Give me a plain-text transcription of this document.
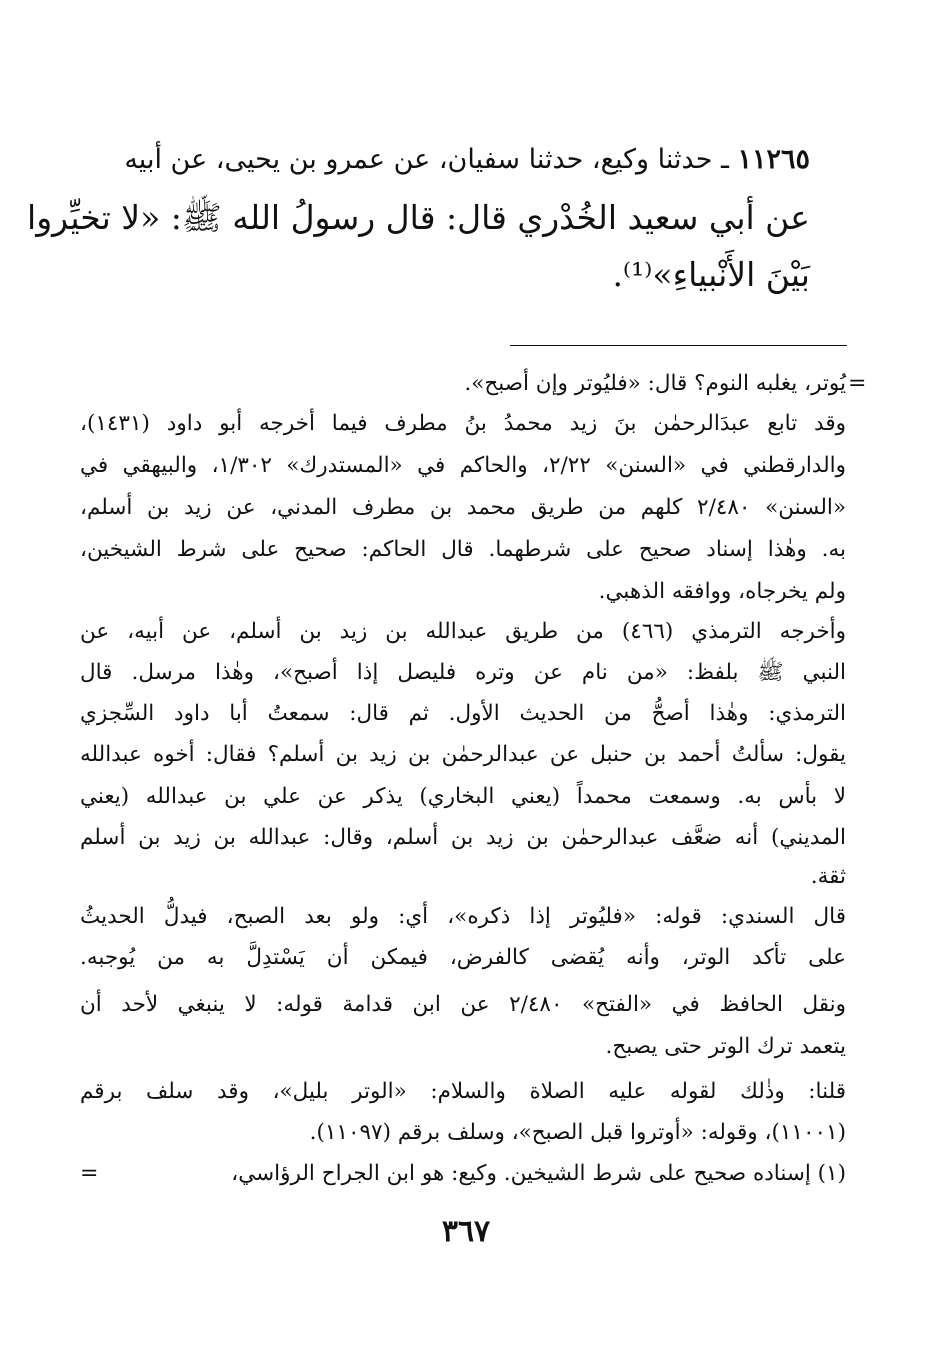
١١٢٦٥ ـ حدثنا وكيع، حدثنا سفيان، عن عمرو بن يحيى، عن أبيه
عن أبي سعيد الخُدْري قال: قال رسولُ الله ﷺ: «لا تخيِّروا
بَيْنَ الأَنْبياءِ»⁽¹⁾.
=
يُوتر، يغلبه النوم؟ قال: «فليُوتر وإن أصبح».
وقد تابع عبدَالرحمٰن بنَ زيد محمدُ بنُ مطرف فيما أخرجه أبو داود (١٤٣١)،
والدارقطني في «السنن» ٢/٢٢، والحاكم في «المستدرك» ١/٣٠٢، والبيهقي في
«السنن» ٢/٤٨٠ كلهم من طريق محمد بن مطرف المدني، عن زيد بن أسلم،
به. وهٰذا إسناد صحيح على شرطهما. قال الحاكم: صحيح على شرط الشيخين،
ولم يخرجاه، ووافقه الذهبي.
وأخرجه الترمذي (٤٦٦) من طريق عبدالله بن زيد بن أسلم، عن أبيه، عن
النبي ﷺ بلفظ: «من نام عن وتره فليصل إذا أصبح»، وهٰذا مرسل. قال
الترمذي: وهٰذا أصحُّ من الحديث الأول. ثم قال: سمعتُ أبا داود السِّجزي
يقول: سألتُ أحمد بن حنبل عن عبدالرحمٰن بن زيد بن أسلم؟ فقال: أخوه عبدالله
لا بأس به. وسمعت محمداً (يعني البخاري) يذكر عن علي بن عبدالله (يعني
المديني) أنه ضعَّف عبدالرحمٰن بن زيد بن أسلم، وقال: عبدالله بن زيد بن أسلم
ثقة.
قال السندي: قوله: «فليُوتر إذا ذكره»، أي: ولو بعد الصبح، فيدلُّ الحديثُ
على تأكد الوتر، وأنه يُقضى كالفرض، فيمكن أن يَسْتدِلَّ به من يُوجبه.
ونقل الحافظ في «الفتح» ٢/٤٨٠ عن ابن قدامة قوله: لا ينبغي لأحد أن
يتعمد ترك الوتر حتى يصبح.
قلنا: وذٰلك لقوله عليه الصلاة والسلام: «الوتر بليل»، وقد سلف برقم
(١١٠٠١)، وقوله: «أوتروا قبل الصبح»، وسلف برقم (١١٠٩٧).
(١) إسناده صحيح على شرط الشيخين. وكيع: هو ابن الجراح الرؤاسي،
=
٣٦٧
